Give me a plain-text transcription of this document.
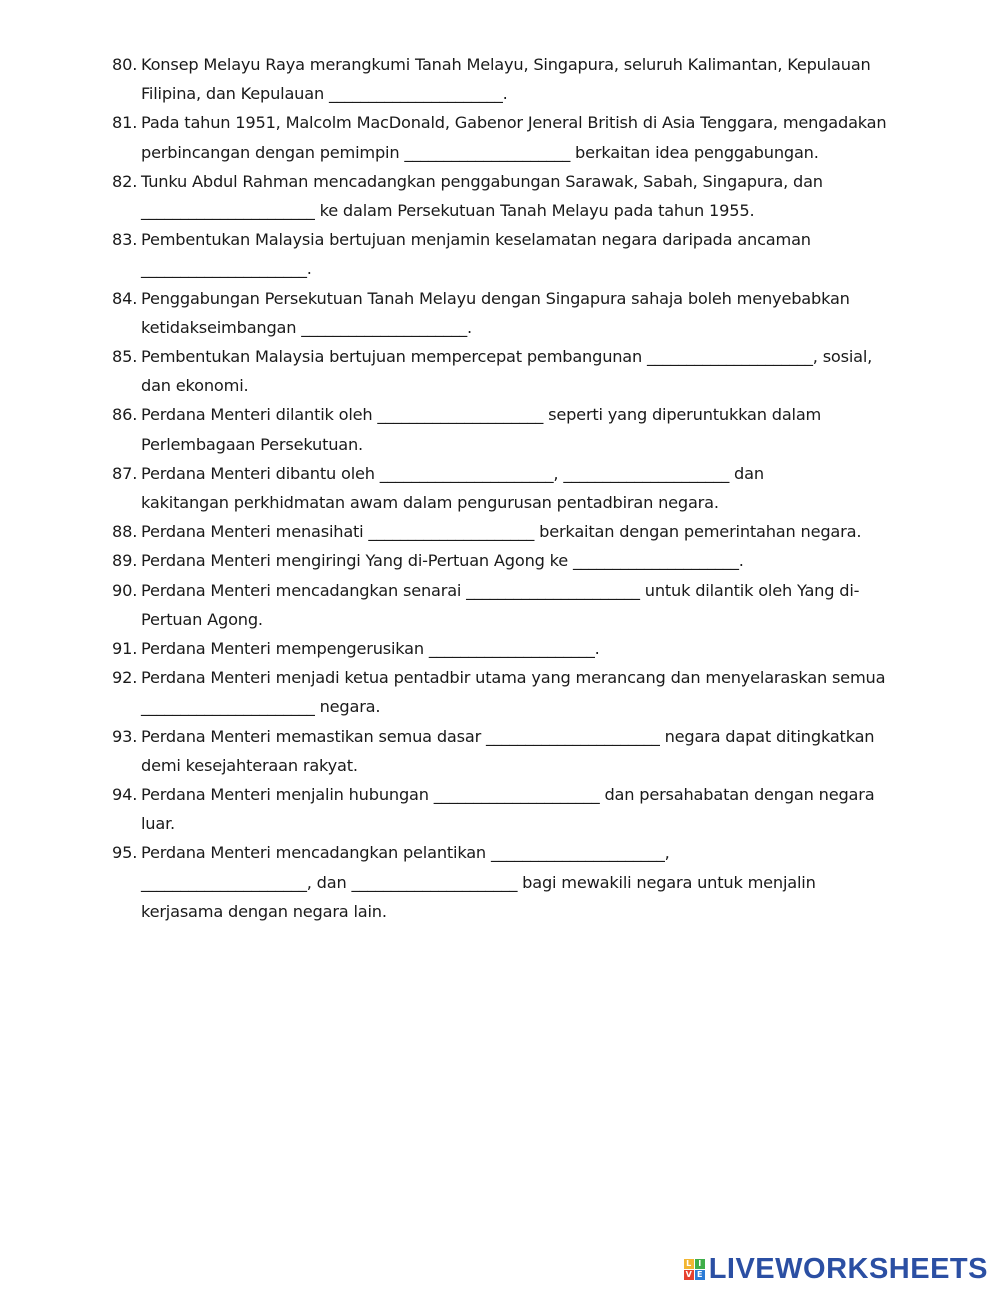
80. Konsep Melayu Raya merangkumi Tanah Melayu, Singapura, seluruh Kalimantan, Kepulauan
Filipina, dan Kepulauan ______________________.
81. Pada tahun 1951, Malcolm MacDonald, Gabenor Jeneral British di Asia Tenggara, mengadakan
perbincangan dengan pemimpin _____________________ berkaitan idea penggabungan.
82. Tunku Abdul Rahman mencadangkan penggabungan Sarawak, Sabah, Singapura, dan
______________________ ke dalam Persekutuan Tanah Melayu pada tahun 1955.
83. Pembentukan Malaysia bertujuan menjamin keselamatan negara daripada ancaman
_____________________.
84. Penggabungan Persekutuan Tanah Melayu dengan Singapura sahaja boleh menyebabkan
ketidakseimbangan _____________________.
85. Pembentukan Malaysia bertujuan mempercepat pembangunan _____________________, sosial,
dan ekonomi.
86. Perdana Menteri dilantik oleh _____________________ seperti yang diperuntukkan dalam
Perlembagaan Persekutuan.
87. Perdana Menteri dibantu oleh ______________________, _____________________ dan
kakitangan perkhidmatan awam dalam pengurusan pentadbiran negara.
88. Perdana Menteri menasihati _____________________ berkaitan dengan pemerintahan negara.
89. Perdana Menteri mengiringi Yang di-Pertuan Agong ke _____________________.
90. Perdana Menteri mencadangkan senarai ______________________ untuk dilantik oleh Yang di-
Pertuan Agong.
91. Perdana Menteri mempengerusikan _____________________.
92. Perdana Menteri menjadi ketua pentadbir utama yang merancang dan menyelaraskan semua
______________________ negara.
93. Perdana Menteri memastikan semua dasar ______________________ negara dapat ditingkatkan
demi kesejahteraan rakyat.
94. Perdana Menteri menjalin hubungan _____________________ dan persahabatan dengan negara
luar.
95. Perdana Menteri mencadangkan pelantikan ______________________,
_____________________, dan _____________________ bagi mewakili negara untuk menjalin
kerjasama dengan negara lain.
L I
V E LIVEWORKSHEETS
